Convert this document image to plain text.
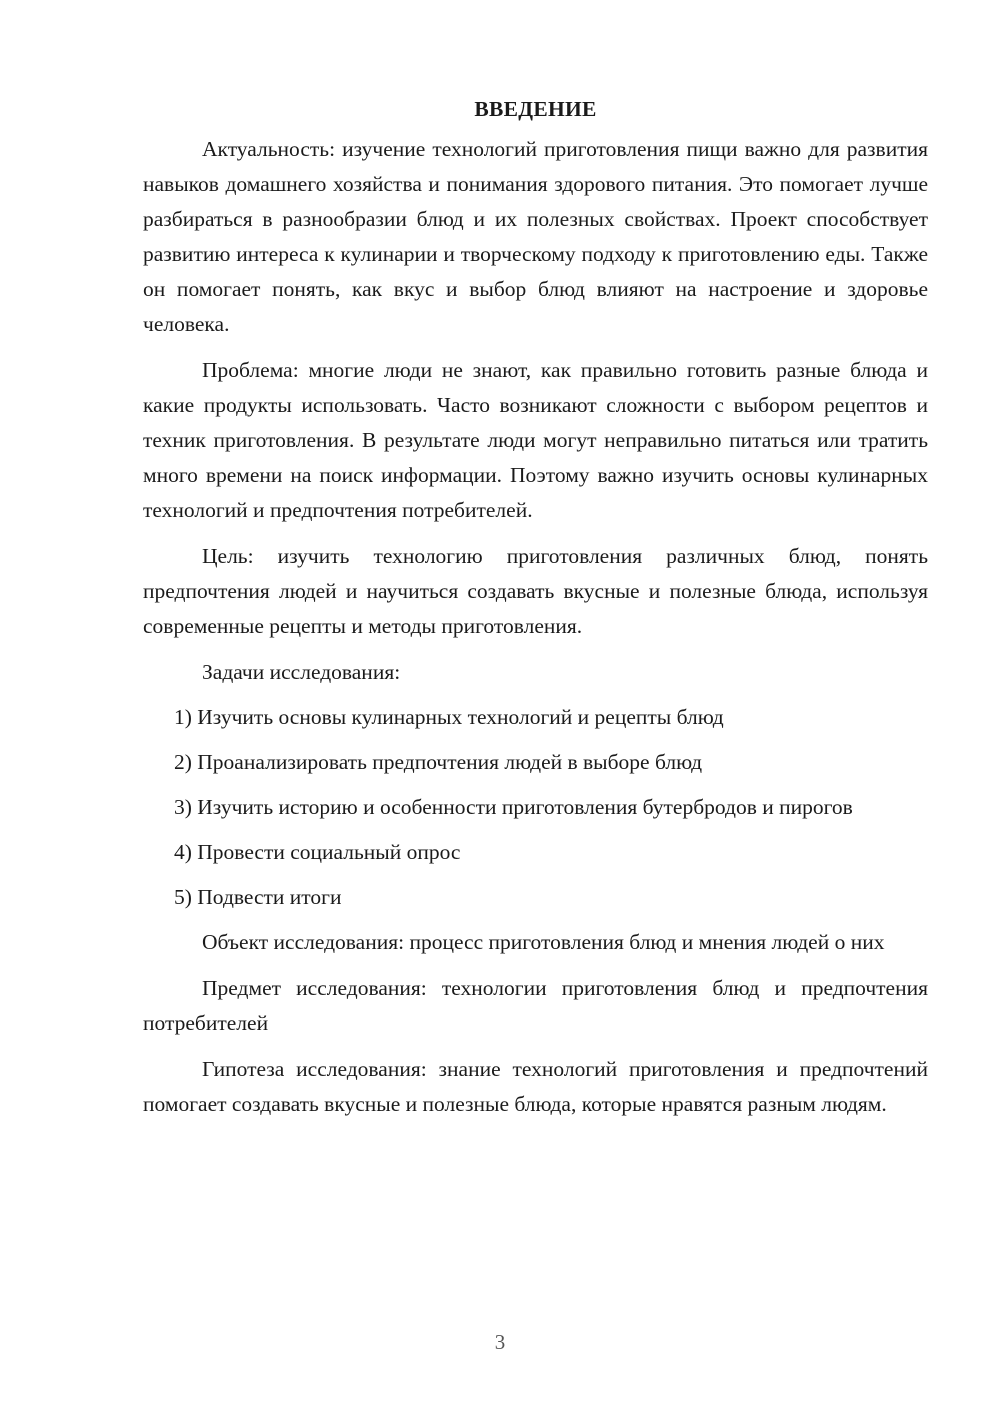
ВВЕДЕНИЕ

Актуальность: изучение технологий приготовления пищи важно для развития навыков домашнего хозяйства и понимания здорового питания. Это помогает лучше разбираться в разнообразии блюд и их полезных свойствах. Проект способствует развитию интереса к кулинарии и творческому подходу к приготовлению еды. Также он помогает понять, как вкус и выбор блюд влияют на настроение и здоровье человека.

Проблема: многие люди не знают, как правильно готовить разные блюда и какие продукты использовать. Часто возникают сложности с выбором рецептов и техник приготовления. В результате люди могут неправильно питаться или тратить много времени на поиск информации. Поэтому важно изучить основы кулинарных технологий и предпочтения потребителей.

Цель: изучить технологию приготовления различных блюд, понять предпочтения людей и научиться создавать вкусные и полезные блюда, используя современные рецепты и методы приготовления.

Задачи исследования:

1) Изучить основы кулинарных технологий и рецепты блюд

2) Проанализировать предпочтения людей в выборе блюд

3) Изучить историю и особенности приготовления бутербродов и пирогов

4) Провести социальный опрос

5) Подвести итоги

Объект исследования: процесс приготовления блюд и мнения людей о них

Предмет исследования: технологии приготовления блюд и предпочтения потребителей

Гипотеза исследования: знание технологий приготовления и предпочтений помогает создавать вкусные и полезные блюда, которые нравятся разным людям.

3
